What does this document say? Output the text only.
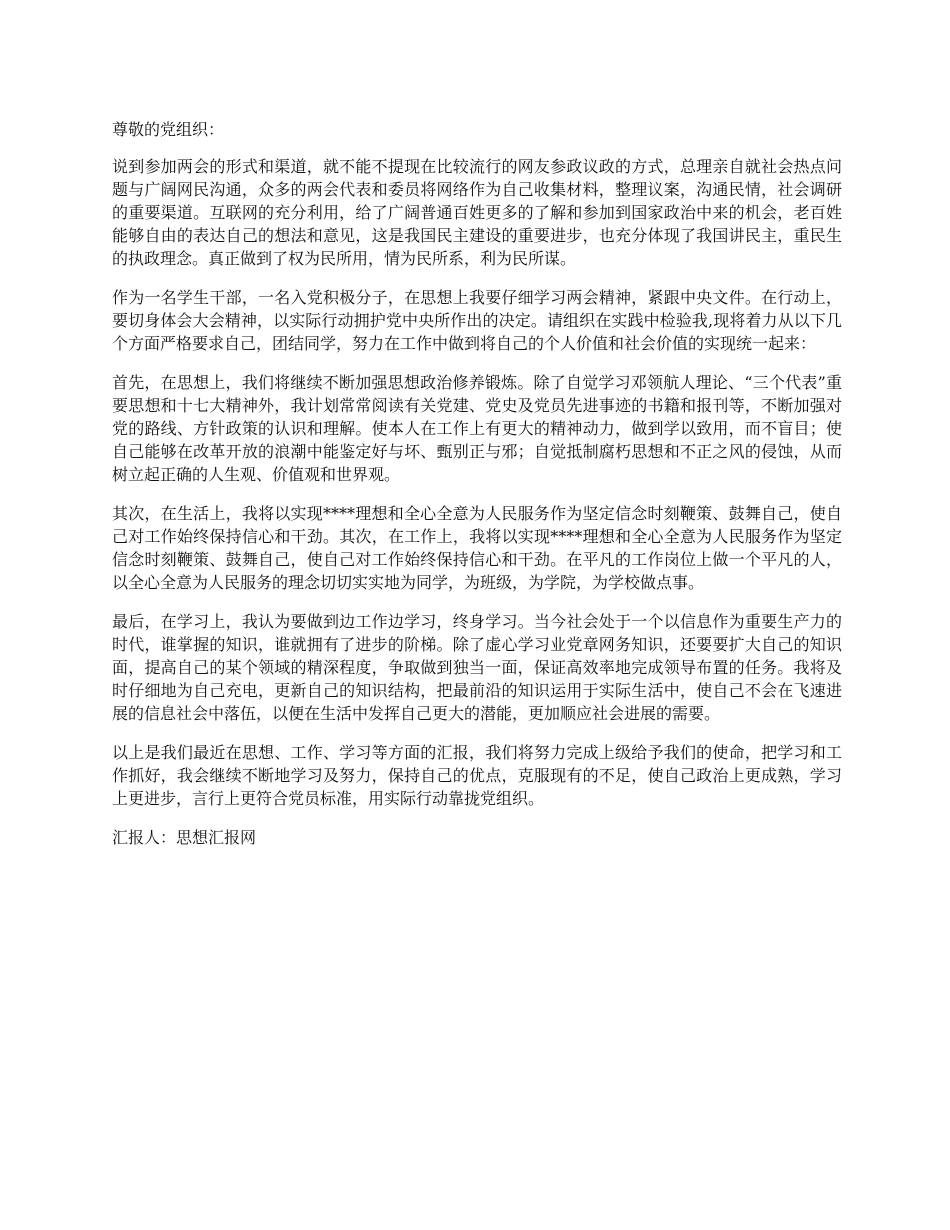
尊敬的党组织：

说到参加两会的形式和渠道，就不能不提现在比较流行的网友参政议政的方式，总理亲自就社会热点问题与广阔网民沟通，众多的两会代表和委员将网络作为自己收集材料，整理议案，沟通民情，社会调研的重要渠道。互联网的充分利用，给了广阔普通百姓更多的了解和参加到国家政治中来的机会，老百姓能够自由的表达自己的想法和意见，这是我国民主建设的重要进步，也充分体现了我国讲民主，重民生的执政理念。真正做到了权为民所用，情为民所系，利为民所谋。

作为一名学生干部，一名入党积极分子，在思想上我要仔细学习两会精神，紧跟中央文件。在行动上，要切身体会大会精神，以实际行动拥护党中央所作出的决定。请组织在实践中检验我,现将着力从以下几个方面严格要求自己，团结同学，努力在工作中做到将自己的个人价值和社会价值的实现统一起来：

首先，在思想上，我们将继续不断加强思想政治修养锻炼。除了自觉学习邓领航人理论、“三个代表”重要思想和十七大精神外，我计划常常阅读有关党建、党史及党员先进事迹的书籍和报刊等，不断加强对党的路线、方针政策的认识和理解。使本人在工作上有更大的精神动力，做到学以致用，而不盲目；使自己能够在改革开放的浪潮中能鉴定好与坏、甄别正与邪；自觉抵制腐朽思想和不正之风的侵蚀，从而树立起正确的人生观、价值观和世界观。

其次，在生活上，我将以实现****理想和全心全意为人民服务作为坚定信念时刻鞭策、鼓舞自己，使自己对工作始终保持信心和干劲。其次，在工作上，我将以实现****理想和全心全意为人民服务作为坚定信念时刻鞭策、鼓舞自己，使自己对工作始终保持信心和干劲。在平凡的工作岗位上做一个平凡的人，以全心全意为人民服务的理念切切实实地为同学，为班级，为学院，为学校做点事。

最后，在学习上，我认为要做到边工作边学习，终身学习。当今社会处于一个以信息作为重要生产力的时代，谁掌握的知识，谁就拥有了进步的阶梯。除了虚心学习业党章网务知识，还要要扩大自己的知识面，提高自己的某个领域的精深程度，争取做到独当一面，保证高效率地完成领导布置的任务。我将及时仔细地为自己充电，更新自己的知识结构，把最前沿的知识运用于实际生活中，使自己不会在飞速进展的信息社会中落伍，以便在生活中发挥自己更大的潜能，更加顺应社会进展的需要。

以上是我们最近在思想、工作、学习等方面的汇报，我们将努力完成上级给予我们的使命，把学习和工作抓好，我会继续不断地学习及努力，保持自己的优点，克服现有的不足，使自己政治上更成熟，学习上更进步，言行上更符合党员标准，用实际行动靠拢党组织。

汇报人：思想汇报网
